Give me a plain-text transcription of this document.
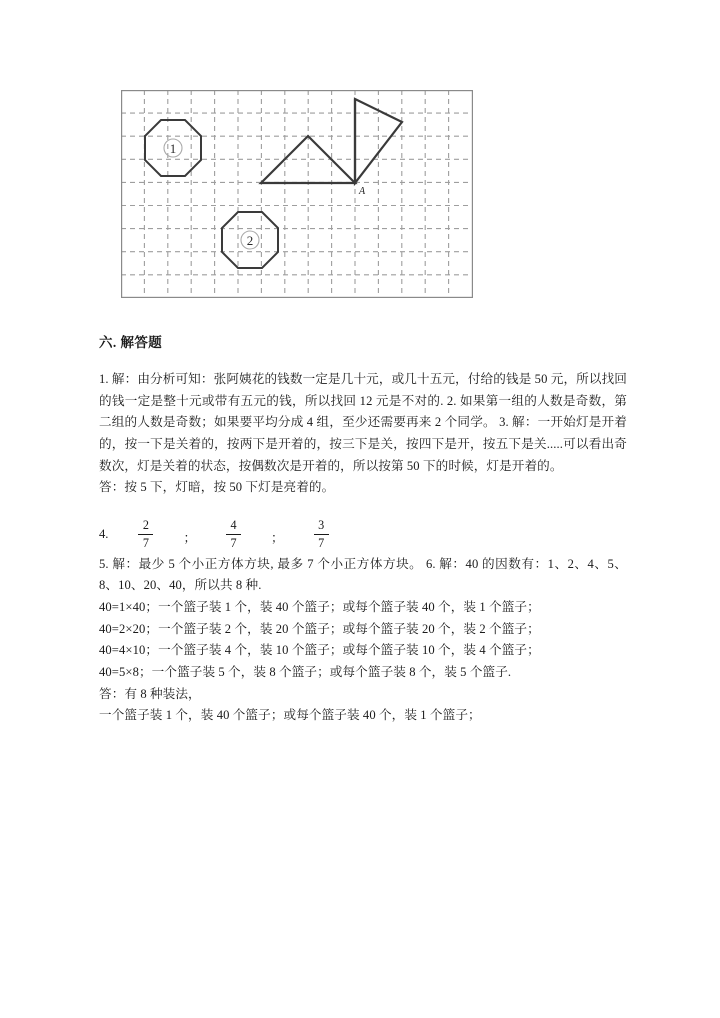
1
2
A
六. 解答题

1. 解：由分析可知：张阿姨花的钱数一定是几十元，或几十五元，付给的钱是 50 元，所以找回的钱一定是整十元或带有五元的钱，所以找回 12 元是不对的. 2. 如果第一组的人数是奇数，第二组的人数是奇数；如果要平均分成 4 组，至少还需要再来 2 个同学。 3. 解：一开始灯是开着的，按一下是关着的，按两下是开着的，按三下是关，按四下是开，按五下是关.....可以看出奇数次，灯是关着的状态，按偶数次是开着的，所以按第 50 下的时候，灯是开着的。

答：按 5 下，灯暗，按 50 下灯是亮着的。

4. $\frac{2}{7}$ ； $\frac{4}{7}$ ； $\frac{3}{7}$

5. 解：最少 5 个小正方体方块, 最多 7 个小正方体方块。 6. 解：40 的因数有：1、2、4、5、8、10、20、40，所以共 8 种.

40=1×40；一个篮子装 1 个，装 40 个篮子；或每个篮子装 40 个，装 1 个篮子；

40=2×20；一个篮子装 2 个，装 20 个篮子；或每个篮子装 20 个，装 2 个篮子；

40=4×10；一个篮子装 4 个，装 10 个篮子；或每个篮子装 10 个，装 4 个篮子；

40=5×8；一个篮子装 5 个，装 8 个篮子；或每个篮子装 8 个，装 5 个篮子.

答：有 8 种装法，

一个篮子装 1 个，装 40 个篮子；或每个篮子装 40 个，装 1 个篮子；
